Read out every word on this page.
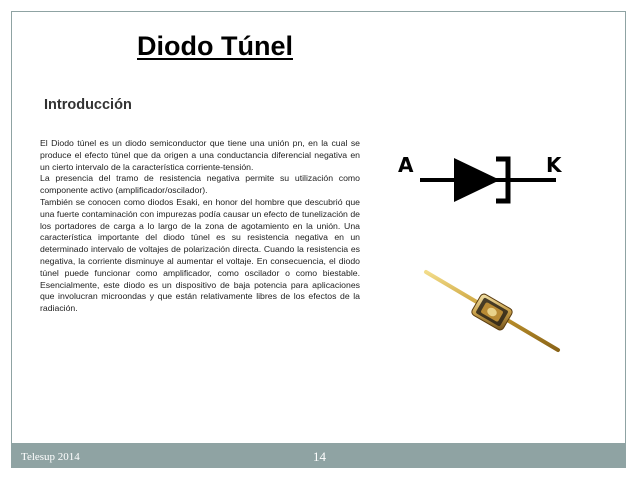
Diodo Túnel
Introducción

El Diodo túnel es un diodo semiconductor que tiene una unión pn, en la cual se produce el efecto túnel que da origen a una conductancia diferencial negativa en un cierto intervalo de la característica corriente-tensión.

La presencia del tramo de resistencia negativa permite su utilización como componente activo (amplificador/oscilador).

También se conocen como diodos Esaki, en honor del hombre que descubrió que una fuerte contaminación con impurezas podía causar un efecto de tunelización de los portadores de carga a lo largo de la zona de agotamiento en la unión. Una característica importante del diodo túnel es su resistencia negativa en un determinado intervalo de voltajes de polarización directa. Cuando la resistencia es negativa, la corriente disminuye al aumentar el voltaje. En consecuencia, el diodo túnel puede funcionar como amplificador, como oscilador o como biestable. Esencialmente, este diodo es un dispositivo de baja potencia para aplicaciones que involucran microondas y que están relativamente libres de los efectos de la radiación.

A	K
Telesup 2014	14
